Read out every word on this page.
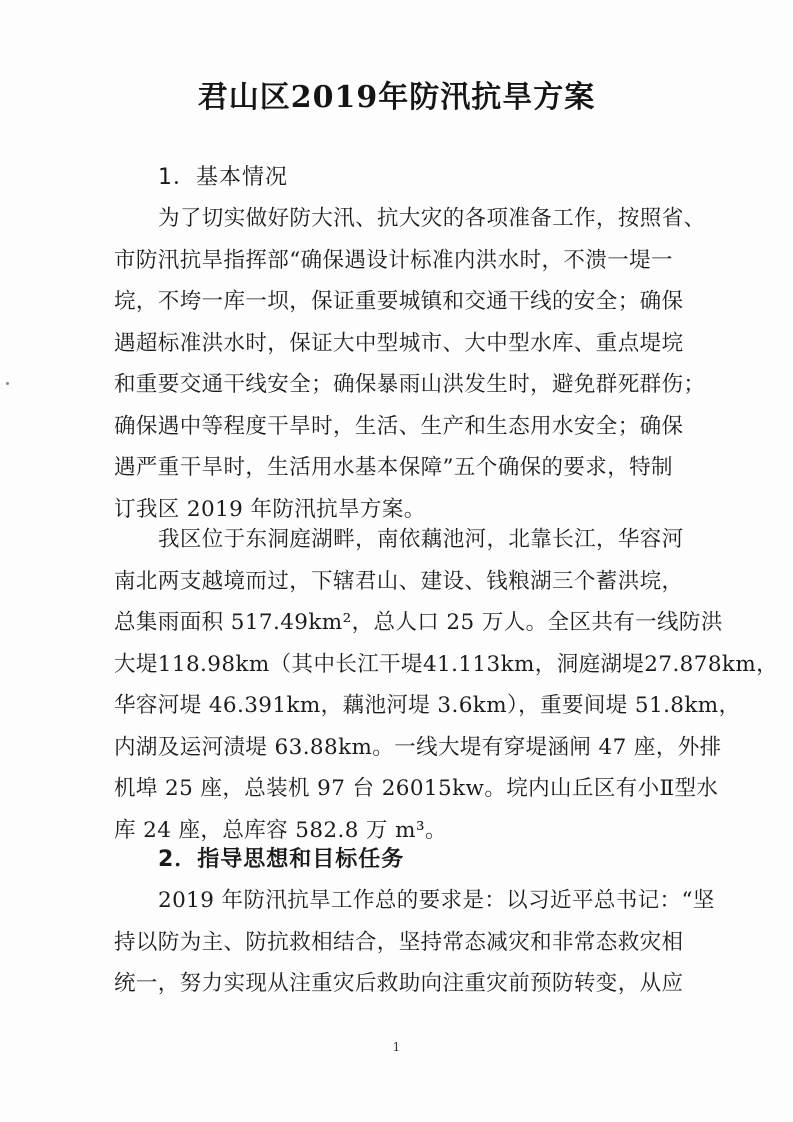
君山区2019年防汛抗旱方案
1．基本情况
为了切实做好防大汛、抗大灾的各项准备工作，按照省、
市防汛抗旱指挥部“确保遇设计标准内洪水时，不溃一堤一
垸，不垮一库一坝，保证重要城镇和交通干线的安全；确保
遇超标准洪水时，保证大中型城市、大中型水库、重点堤垸
和重要交通干线安全；确保暴雨山洪发生时，避免群死群伤；
确保遇中等程度干旱时，生活、生产和生态用水安全；确保
遇严重干旱时，生活用水基本保障”五个确保的要求，特制
订我区 2019 年防汛抗旱方案。
我区位于东洞庭湖畔，南依藕池河，北靠长江，华容河
南北两支越境而过，下辖君山、建设、钱粮湖三个蓄洪垸，
总集雨面积 517.49km²，总人口 25 万人。全区共有一线防洪
大堤118.98km（其中长江干堤41.113km，洞庭湖堤27.878km，
华容河堤 46.391km，藕池河堤 3.6km），重要间堤 51.8km，
内湖及运河渍堤 63.88km。一线大堤有穿堤涵闸 47 座，外排
机埠 25 座，总装机 97 台 26015kw。垸内山丘区有小Ⅱ型水
库 24 座，总库容 582.8 万 m³。
2．指导思想和目标任务
2019 年防汛抗旱工作总的要求是：以习近平总书记：“坚
持以防为主、防抗救相结合，坚持常态减灾和非常态救灾相
统一，努力实现从注重灾后救助向注重灾前预防转变，从应
1
